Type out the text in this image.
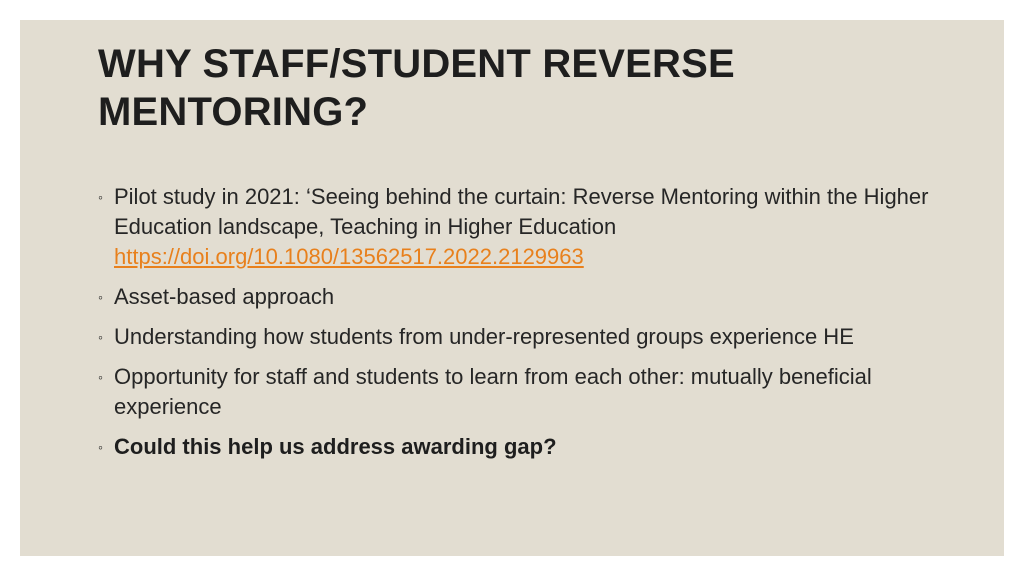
WHY STAFF/STUDENT REVERSE
MENTORING?
◦ Pilot study in 2021: ‘Seeing behind the curtain: Reverse Mentoring within the Higher Education landscape, Teaching in Higher Education
https://doi.org/10.1080/13562517.2022.2129963
◦ Asset-based approach
◦ Understanding how students from under-represented groups experience HE
◦ Opportunity for staff and students to learn from each other: mutually beneficial experience
◦ Could this help us address awarding gap?
